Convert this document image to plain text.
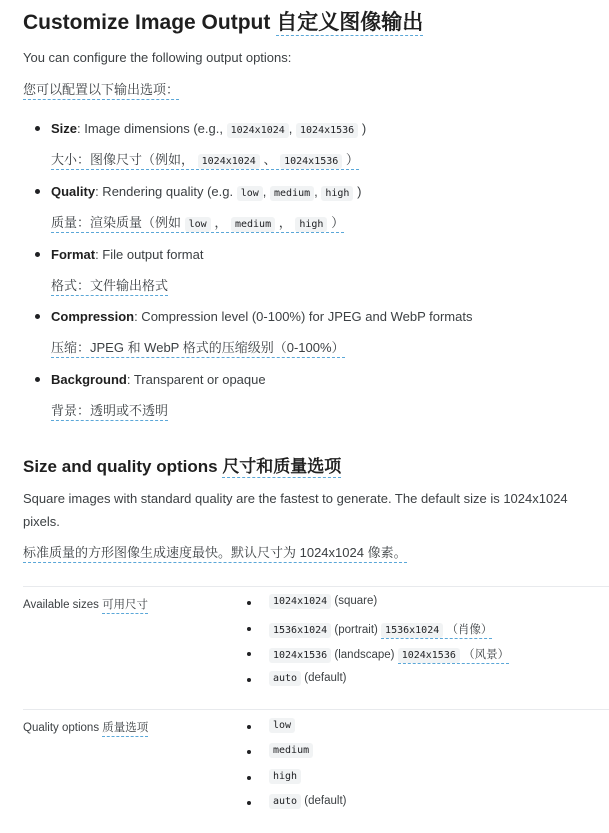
Customize Image Output 自定义图像输出
You can configure the following output options:
您可以配置以下输出选项：
Size: Image dimensions (e.g., 1024x1024 , 1024x1536 )
大小：图像尺寸（例如， 1024x1024 、 1024x1536 ）
Quality: Rendering quality (e.g. low , medium , high )
质量：渲染质量（例如 low ， medium ， high ）
Format: File output format
格式：文件输出格式
Compression: Compression level (0-100%) for JPEG and WebP formats
压缩：JPEG 和 WebP 格式的压缩级别（0-100%）
Background: Transparent or opaque
背景：透明或不透明
Size and quality options 尺寸和质量选项
Square images with standard quality are the fastest to generate. The default size is 1024x1024
pixels.
标准质量的方形图像生成速度最快。默认尺寸为 1024x1024 像素。
Available sizes 可用尺寸	1024x1024 (square)
1536x1024 (portrait) 1536x1024 （肖像）
1024x1536 (landscape) 1024x1536 （风景）
auto (default)
Quality options 质量选项	low
medium
high
auto (default)
